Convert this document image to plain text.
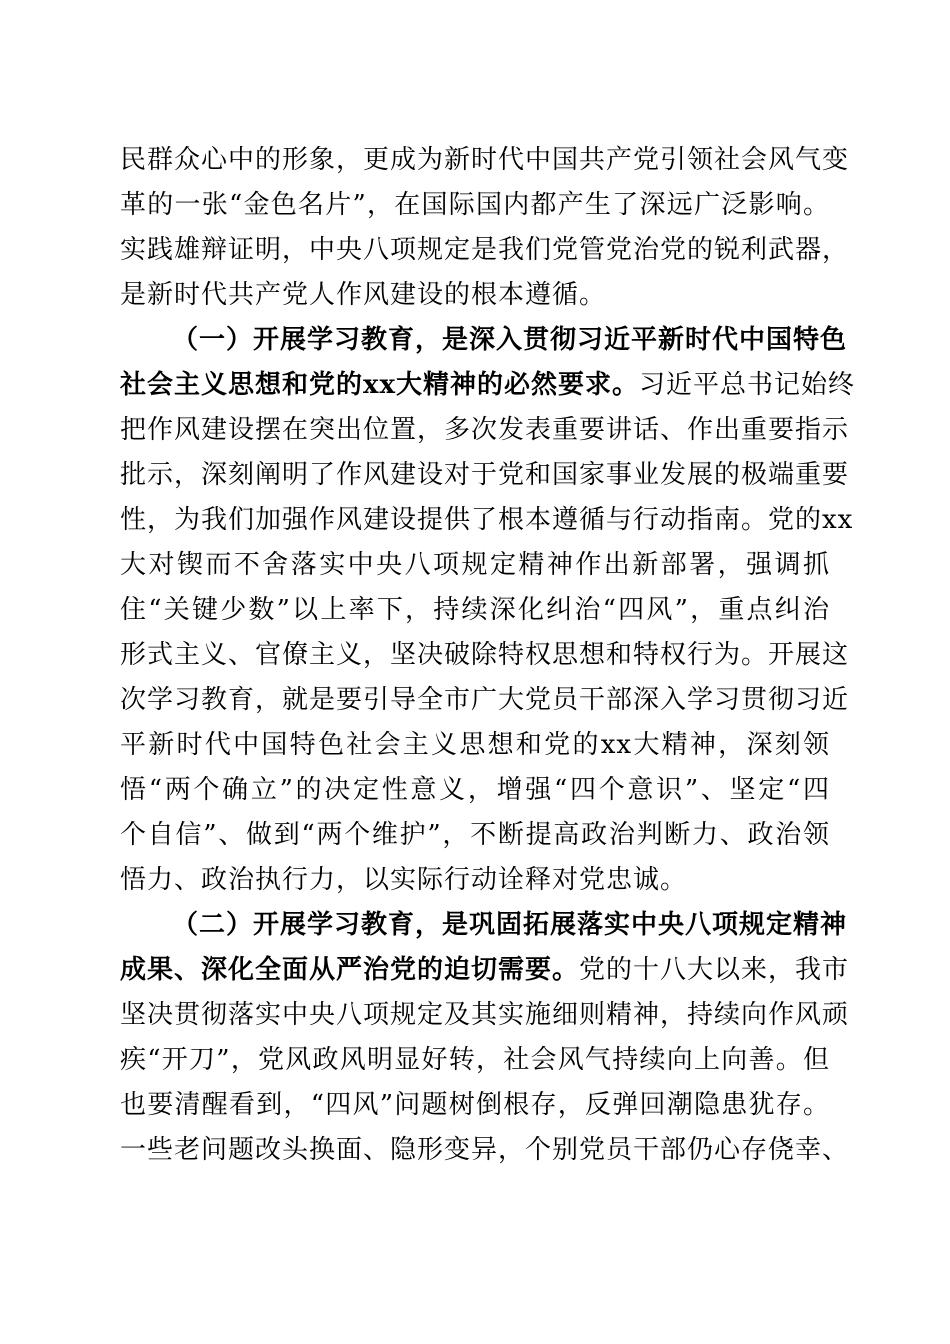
民群众心中的形象，更成为新时代中国共产党引领社会风气变
革的一张“金色名片”，在国际国内都产生了深远广泛影响。
实践雄辩证明，中央八项规定是我们党管党治党的锐利武器，
是新时代共产党人作风建设的根本遵循。
（一）开展学习教育，是深入贯彻习近平新时代中国特色
社会主义思想和党的xx大精神的必然要求。习近平总书记始终
把作风建设摆在突出位置，多次发表重要讲话、作出重要指示
批示，深刻阐明了作风建设对于党和国家事业发展的极端重要
性，为我们加强作风建设提供了根本遵循与行动指南。党的xx
大对锲而不舍落实中央八项规定精神作出新部署，强调抓
住“关键少数”以上率下，持续深化纠治“四风”，重点纠治
形式主义、官僚主义，坚决破除特权思想和特权行为。开展这
次学习教育，就是要引导全市广大党员干部深入学习贯彻习近
平新时代中国特色社会主义思想和党的xx大精神，深刻领
悟“两个确立”的决定性意义，增强“四个意识”、坚定“四
个自信”、做到“两个维护”，不断提高政治判断力、政治领
悟力、政治执行力，以实际行动诠释对党忠诚。
（二）开展学习教育，是巩固拓展落实中央八项规定精神
成果、深化全面从严治党的迫切需要。党的十八大以来，我市
坚决贯彻落实中央八项规定及其实施细则精神，持续向作风顽
疾“开刀”，党风政风明显好转，社会风气持续向上向善。但
也要清醒看到，“四风”问题树倒根存，反弹回潮隐患犹存。
一些老问题改头换面、隐形变异，个别党员干部仍心存侥幸、
